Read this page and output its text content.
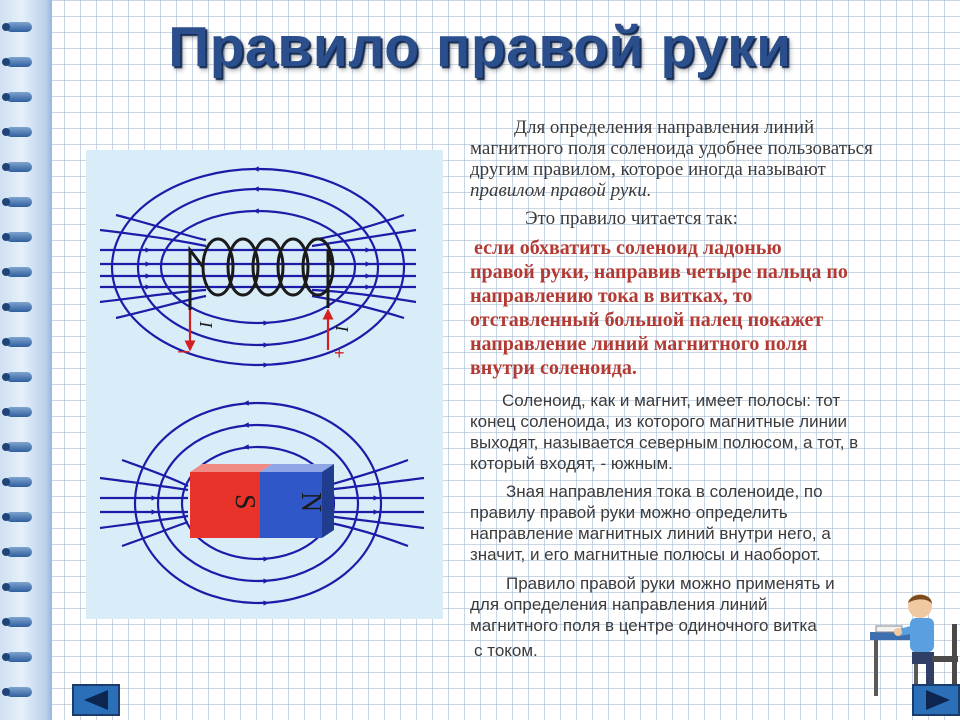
Правило правой руки
I
I
–	+
S N
Для определения направления линий
магнитного поля соленоида удобнее пользоваться
другим правилом, которое иногда называют
правилом правой руки.
Это правило читается так:
если обхватить соленоид ладонью
правой руки, направив четыре пальца по
направлению тока в витках, то
отставленный большой палец покажет
направление линий магнитного поля
внутри соленоида.
Соленоид, как и магнит, имеет полосы: тот
конец соленоида, из которого магнитные линии
выходят, называется северным полюсом, а тот, в
который входят, - южным.
Зная направления тока в соленоиде, по
правилу правой руки можно определить
направление магнитных линий внутри него, а
значит, и его магнитные полюсы и наоборот.
Правило правой руки можно применять и
для определения направления линий
магнитного поля в центре одиночного витка
с током.
